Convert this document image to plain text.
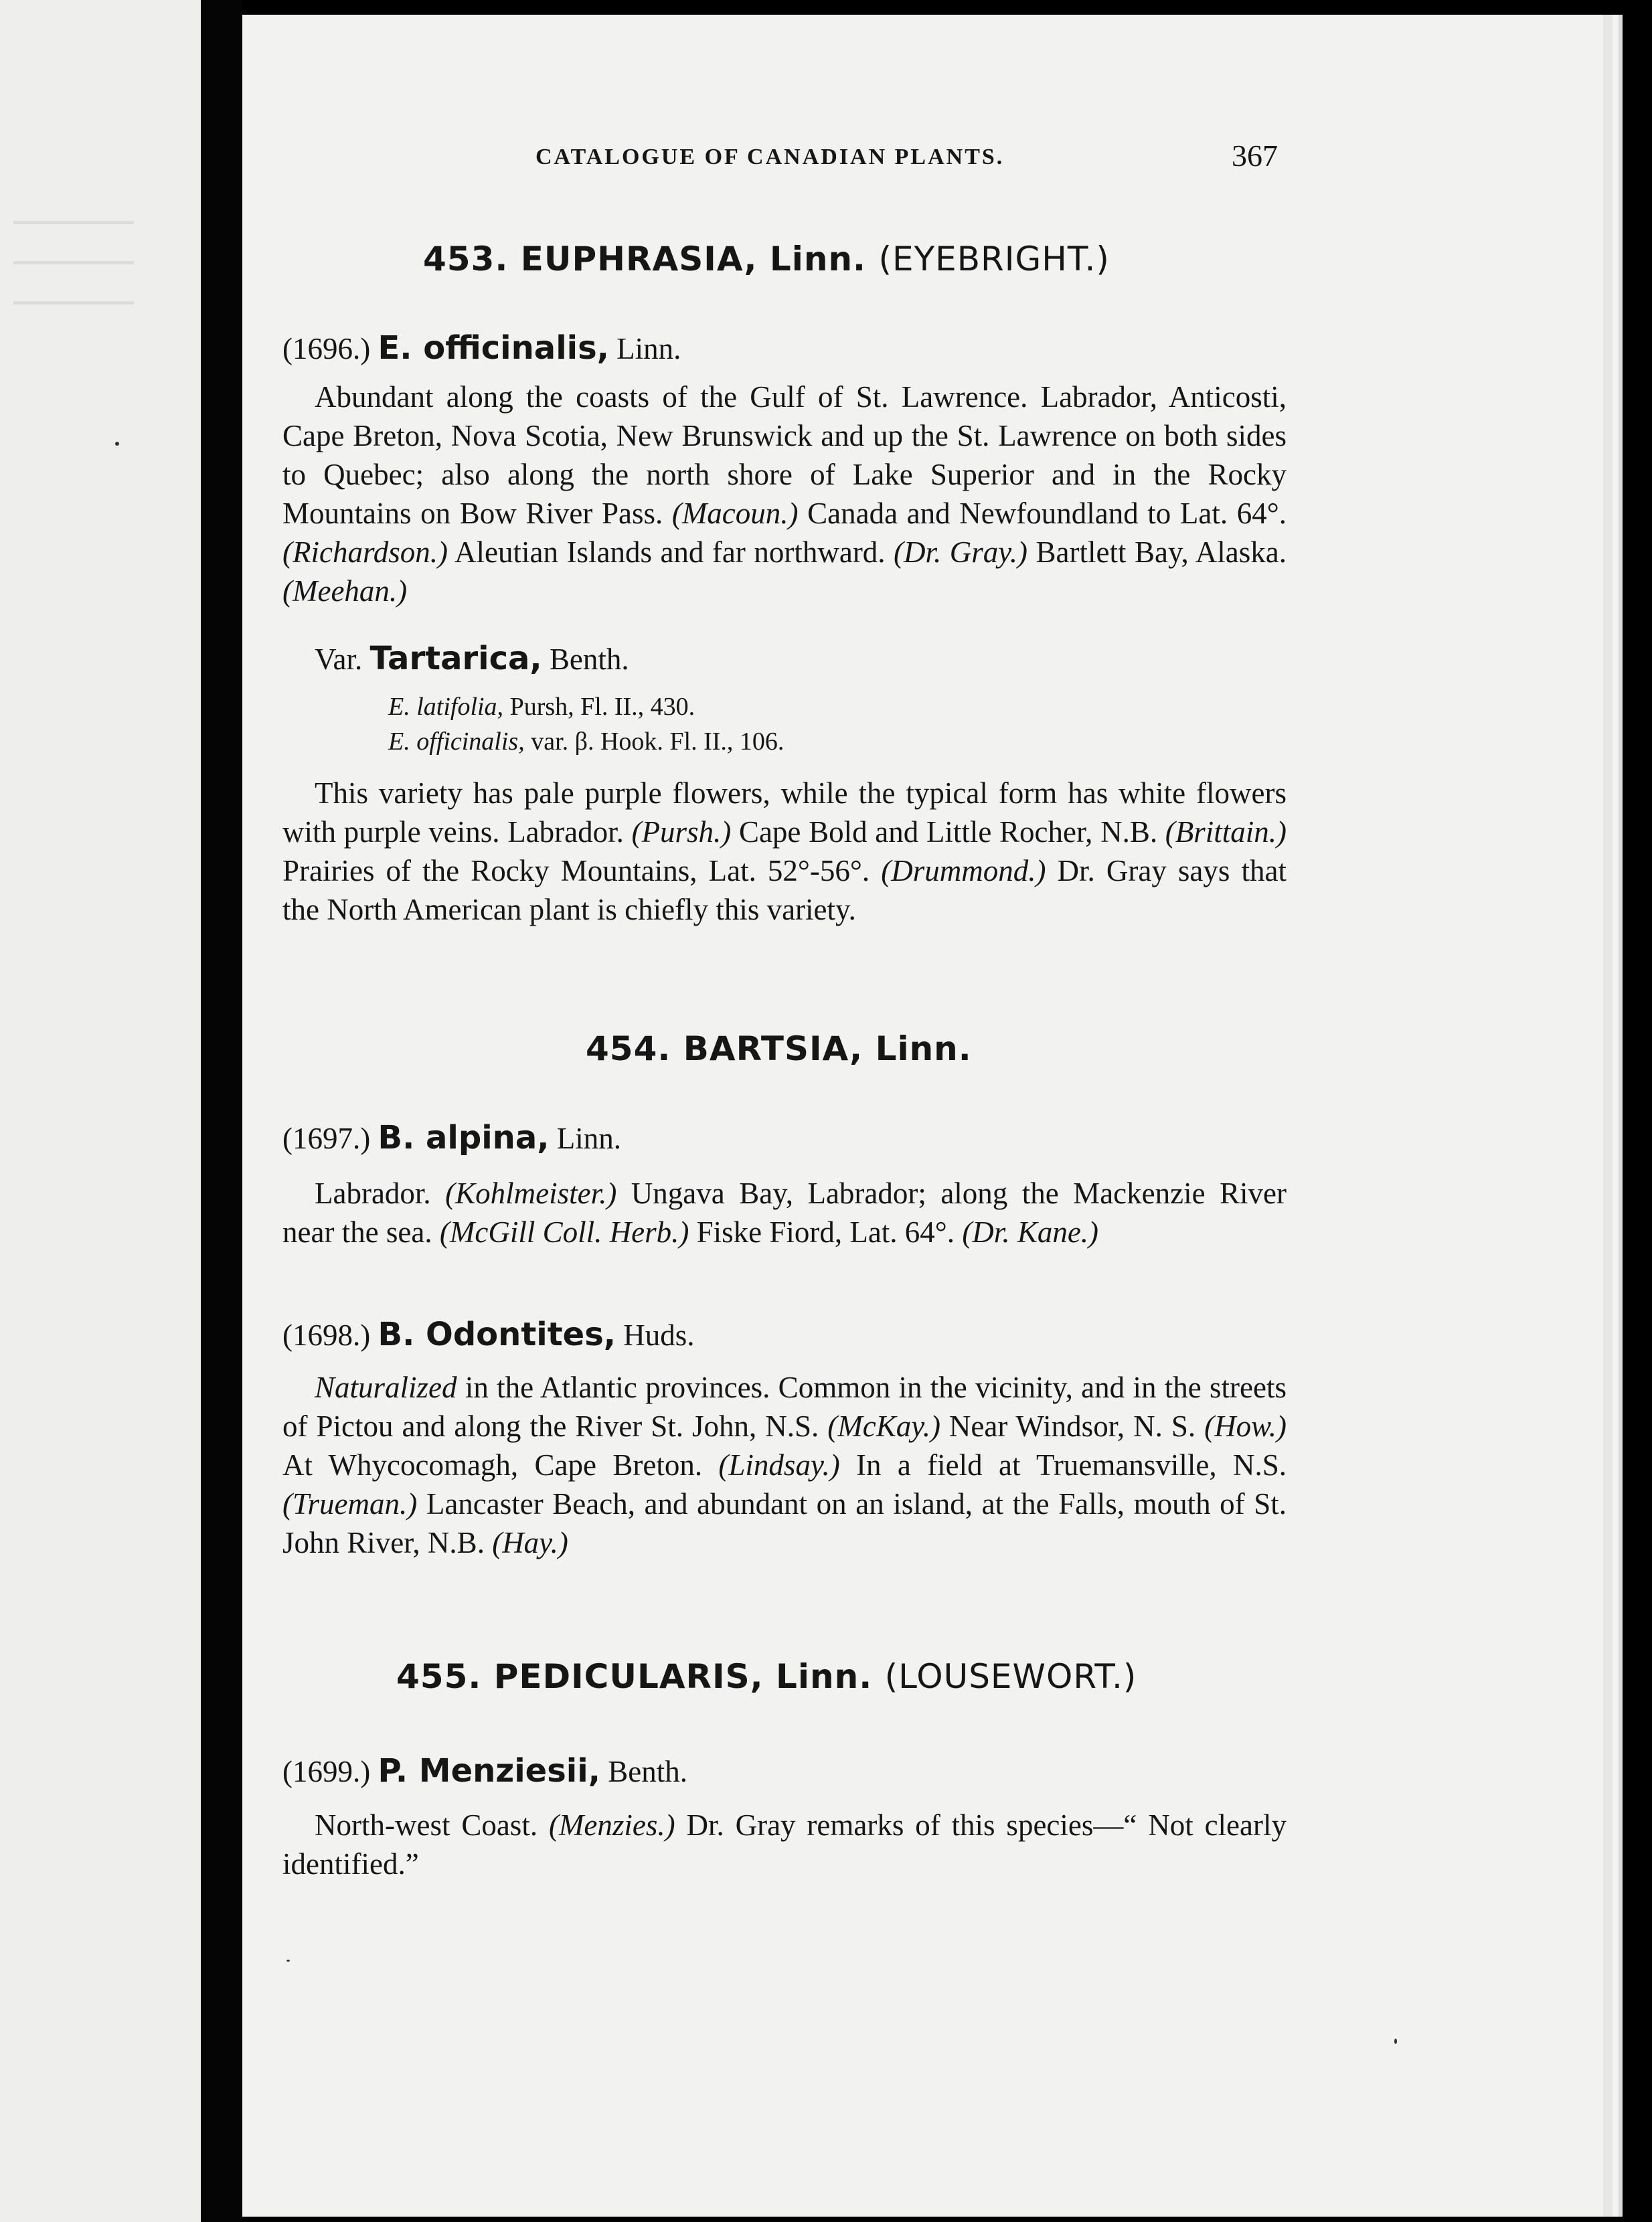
CATALOGUE OF CANADIAN PLANTS.	367
453. EUPHRASIA, Linn. (EYEBRIGHT.)
(1696.) E. officinalis, Linn.
Abundant along the coasts of the Gulf of St. Lawrence. Labrador, Anticosti, Cape Breton, Nova Scotia, New Brunswick and up the St. Lawrence on both sides to Quebec; also along the north shore of Lake Superior and in the Rocky Mountains on Bow River Pass. (Macoun.) Canada and Newfoundland to Lat. 64°. (Richardson.) Aleutian Islands and far northward. (Dr. Gray.) Bartlett Bay, Alaska. (Meehan.)
Var. Tartarica, Benth.
E. latifolia, Pursh, Fl. II., 430.
E. officinalis, var. β. Hook. Fl. II., 106.
This variety has pale purple flowers, while the typical form has white flowers with purple veins. Labrador. (Pursh.) Cape Bold and Little Rocher, N.B. (Brittain.) Prairies of the Rocky Mountains, Lat. 52°-56°. (Drummond.) Dr. Gray says that the North American plant is chiefly this variety.
454. BARTSIA, Linn.
(1697.) B. alpina, Linn.
Labrador. (Kohlmeister.) Ungava Bay, Labrador; along the Mackenzie River near the sea. (McGill Coll. Herb.) Fiske Fiord, Lat. 64°. (Dr. Kane.)
(1698.) B. Odontites, Huds.
Naturalized in the Atlantic provinces. Common in the vicinity, and in the streets of Pictou and along the River St. John, N.S. (McKay.) Near Windsor, N. S. (How.) At Whycocomagh, Cape Breton. (Lindsay.) In a field at Truemansville, N.S. (Trueman.) Lancaster Beach, and abundant on an island, at the Falls, mouth of St. John River, N.B. (Hay.)
455. PEDICULARIS, Linn. (LOUSEWORT.)
(1699.) P. Menziesii, Benth.
North-west Coast. (Menzies.) Dr. Gray remarks of this species—“ Not clearly identified.”
